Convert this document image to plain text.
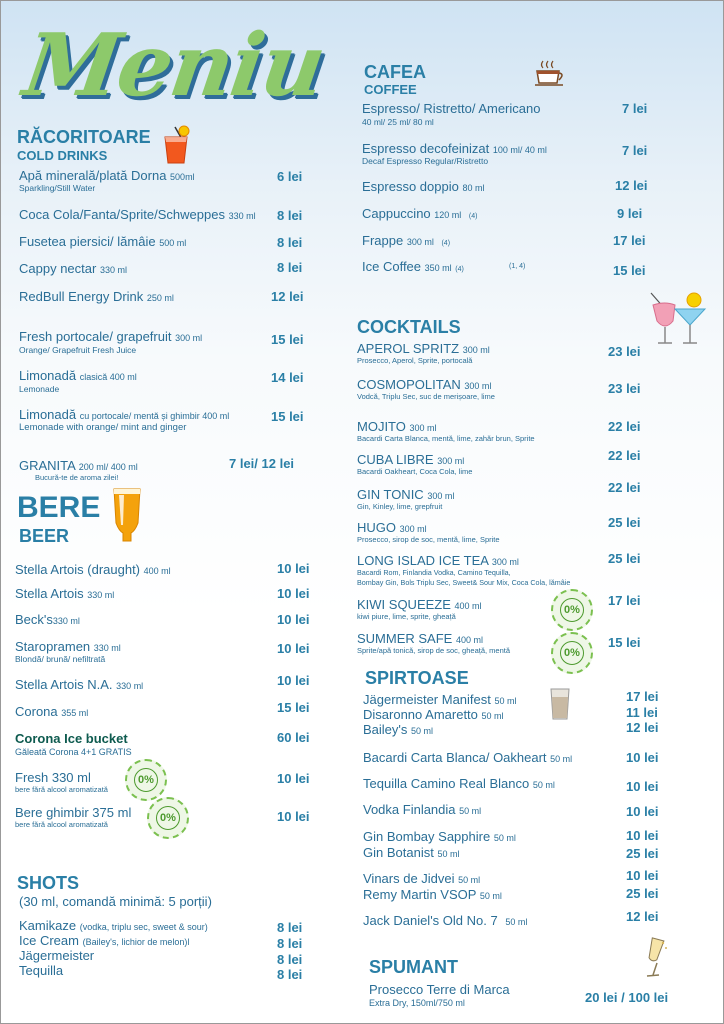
Meniu
RĂCORITOARE
COLD DRINKS
Apă minerală/plată Dorna 500ml
Sparkling/Still Water
6 lei
Coca Cola/Fanta/Sprite/Schweppes 330 ml 8 lei
Fusetea piersici/ lămâie 500 ml	8 lei
Cappy nectar 330 ml	8 lei
RedBull Energy Drink 250 ml	12 lei
Fresh portocale/ grapefruit 300 ml
Orange/ Grapefruit Fresh Juice
15 lei
Limonadă clasică 400 ml
Lemonade
14 lei
Limonadă cu portocale/ mentă și ghimbir 400 ml
Lemonade with orange/ mint and ginger
15 lei
GRANITA 200 ml/ 400 ml
Bucură-te de aroma zilei!
7 lei/ 12 lei
BERE
BEER
Stella Artois (draught) 400 ml	10 lei
Stella Artois 330 ml	10 lei
Beck's330 ml	10 lei
Staropramen 330 ml
Blondă/ brună/ nefiltrată
10 lei
Stella Artois N.A. 330 ml	10 lei
Corona 355 ml	15 lei
Corona Ice bucket
Găleată Corona 4+1 GRATIS
60 lei
Fresh 330 ml
bere fără alcool aromatizată
0%	10 lei
Bere ghimbir 375 ml
bere fără alcool aromatizată
0%	10 lei
SHOTS
(30 ml, comandă minimă: 5 porții)
Kamikaze (vodka, triplu sec, sweet & sour)	8 lei
Ice Cream (Bailey's, lichior de melon)l	8 lei
Jägermeister	8 lei
Tequilla	8 lei
CAFEA
COFFEE
Espresso/ Ristretto/ Americano
40 ml/ 25 ml/ 80 ml
7 lei
Espresso decofeinizat 100 ml/ 40 ml
Decaf Espresso Regular/Ristretto
7 lei
Espresso doppio 80 ml	12 lei
Cappuccino 120 ml (4)	9 lei
Frappe 300 ml (4)	17 lei
Ice Coffee 350 ml (4)	(1, 4)	15 lei
COCKTAILS
APEROL SPRITZ 300 ml
Prosecco, Aperol, Sprite, portocală
23 lei
COSMOPOLITAN 300 ml
Vodcă, Triplu Sec, suc de merișoare, lime
23 lei
MOJITO 300 ml
Bacardi Carta Blanca, mentă, lime, zahăr brun, Sprite
22 lei
CUBA LIBRE 300 ml
Bacardi Oakheart, Coca Cola, lime
22 lei
GIN TONIC 300 ml
Gin, Kinley, lime, grepfruit
22 lei
HUGO 300 ml
Prosecco, sirop de soc, mentă, lime, Sprite
25 lei
LONG ISLAD ICE TEA 300 ml
Bacardi Rom, Finlandia Vodka, Camino Tequilla,
Bombay Gin, Bols Triplu Sec, Sweet& Sour Mix, Coca Cola, lămâie
25 lei
KIWI SQUEEZE 400 ml
kiwi piure, lime, sprite, gheață
0%
17 lei
SUMMER SAFE 400 ml
Sprite/apă tonică, sirop de soc, gheață, mentă	0%
15 lei
SPIRTOASE
Jägermeister Manifest 50 ml	17 lei
Disaronno Amaretto 50 ml	11 lei
Bailey's 50 ml	12 lei
Bacardi Carta Blanca/ Oakheart 50 ml	10 lei
Tequilla Camino Real Blanco 50 ml	10 lei
Vodka Finlandia 50 ml	10 lei
Gin Bombay Sapphire 50 ml	10 lei
Gin Botanist 50 ml	25 lei
Vinars de Jidvei 50 ml	10 lei
Remy Martin VSOP 50 ml	25 lei
Jack Daniel's Old No. 7 50 ml	12 lei
SPUMANT
Prosecco Terre di Marca
Extra Dry, 150ml/750 ml	20 lei / 100 lei
